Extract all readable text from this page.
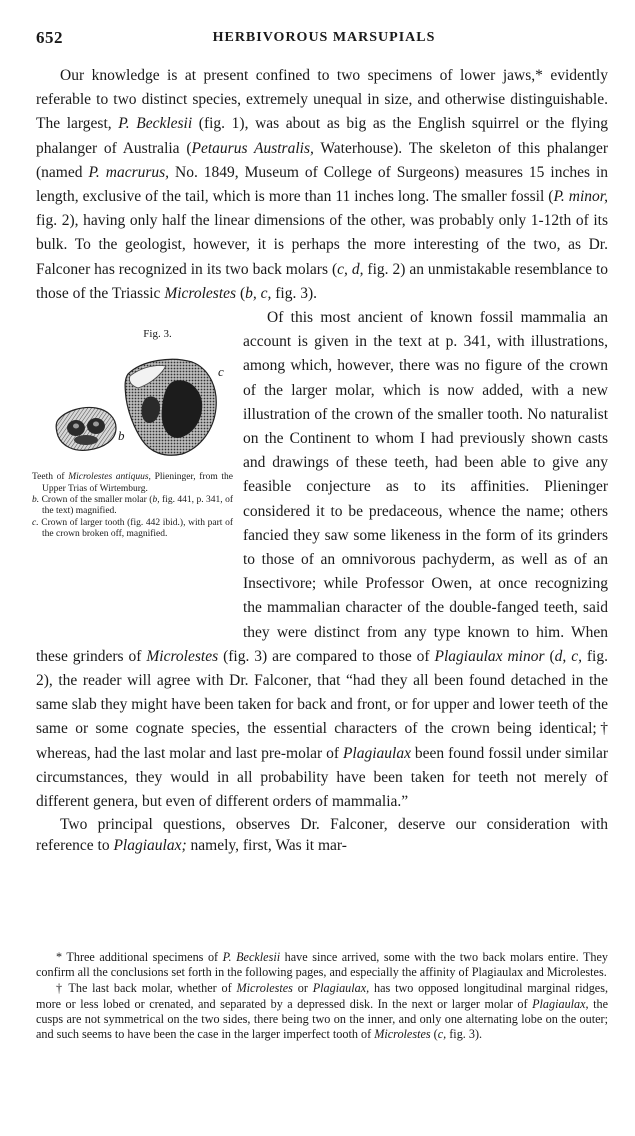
652	HERBIVOROUS MARSUPIALS

Our knowledge is at present confined to two specimens of lower jaws,* evidently referable to two distinct species, extremely unequal in size, and otherwise distinguishable. The largest, P. Becklesii (fig. 1), was about as big as the English squirrel or the flying phalanger of Australia (Petaurus Australis, Waterhouse). The skeleton of this phalanger (named P. macrurus, No. 1849, Museum of College of Surgeons) measures 15 inches in length, exclusive of the tail, which is more than 11 inches long. The smaller fossil (P. minor, fig. 2), having only half the linear dimensions of the other, was probably only 1-12th of its bulk. To the geologist, however, it is perhaps the more interesting of the two, as Dr. Falconer has recognized in its two back molars (c, d, fig. 2) an unmistakable resemblance to those of the Triassic Microlestes (b, c, fig. 3).

Fig. 3.
c
b
Teeth of Microlestes antiquus, Plieninger, from the Upper Trias of Wirtemburg.
b. Crown of the smaller molar (b, fig. 441, p. 341, of the text) magnified.
c. Crown of larger tooth (fig. 442 ibid.), with part of the crown broken off, magnified.

Of this most ancient of known fossil mammalia an account is given in the text at p. 341, with illustrations, among which, however, there was no figure of the crown of the larger molar, which is now added, with a new illustration of the crown of the smaller tooth. No naturalist on the Continent to whom I had previously shown casts and drawings of these teeth, had been able to give any feasible conjecture as to its affinities. Plieninger considered it to be predaceous, whence the name; others fancied they saw some likeness in the form of its grinders to those of an omnivorous pachyderm, as well as of an Insectivore; while Professor Owen, at once recognizing the mammalian character of the double-fanged teeth, said they were distinct from any type known to him. When these grinders of Microlestes (fig. 3) are compared to those of Plagiaulax minor (d, c, fig. 2), the reader will agree with Dr. Falconer, that “had they all been found detached in the same slab they might have been taken for back and front, or for upper and lower teeth of the same or some cognate species, the essential characters of the crown being identical;† whereas, had the last molar and last pre-molar of Plagiaulax been found fossil under similar circumstances, they would in all probability have been taken for teeth not merely of different genera, but even of different orders of mammalia.”

Two principal questions, observes Dr. Falconer, deserve our consideration with reference to Plagiaulax; namely, first, Was it mar-

* Three additional specimens of P. Becklesii have since arrived, some with the two back molars entire. They confirm all the conclusions set forth in the following pages, and especially the affinity of Plagiaulax and Microlestes.

† The last back molar, whether of Microlestes or Plagiaulax, has two opposed longitudinal marginal ridges, more or less lobed or crenated, and separated by a depressed disk. In the next or larger molar of Plagiaulax, the cusps are not symmetrical on the two sides, there being two on the inner, and only one alternating lobe on the outer; and such seems to have been the case in the larger imperfect tooth of Microlestes (c, fig. 3).
